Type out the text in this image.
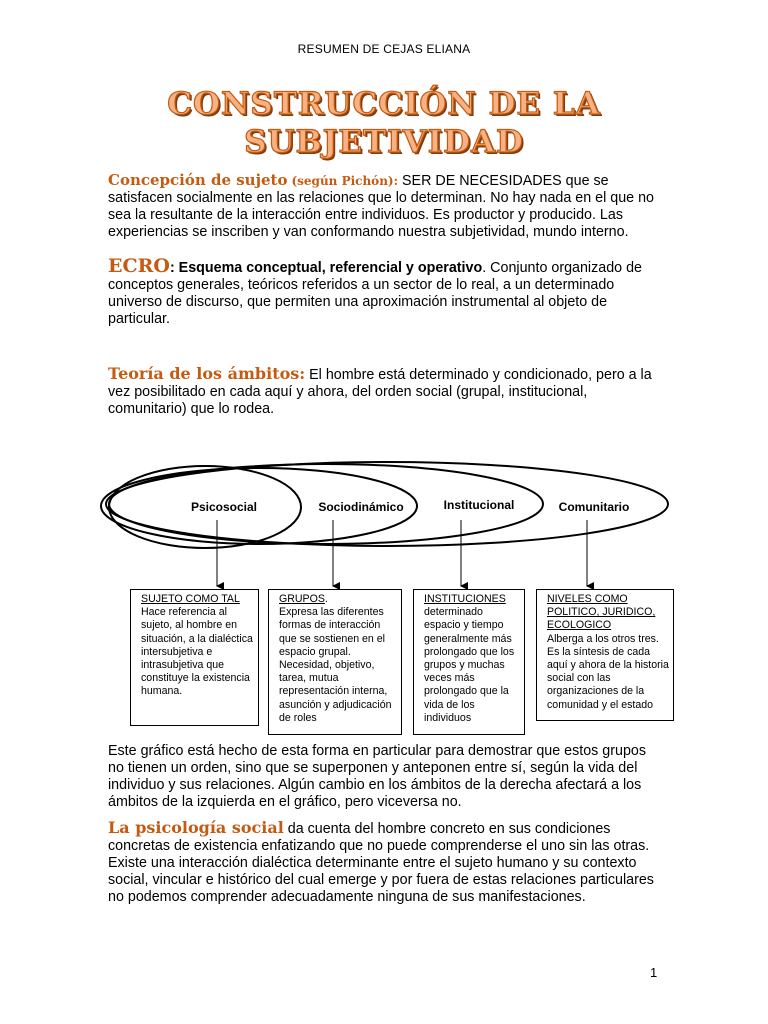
RESUMEN DE CEJAS ELIANA
CONSTRUCCIÓN DE LA
SUBJETIVIDAD
Concepción de sujeto (según Pichón): SER DE NECESIDADES que se satisfacen socialmente en las relaciones que lo determinan. No hay nada en el que no sea la resultante de la interacción entre individuos. Es productor y producido. Las experiencias se inscriben y van conformando nuestra subjetividad, mundo interno.
ECRO: Esquema conceptual, referencial y operativo. Conjunto organizado de conceptos generales, teóricos referidos a un sector de lo real, a un determinado universo de discurso, que permiten una aproximación instrumental al objeto de particular.
Teoría de los ámbitos: El hombre está determinado y condicionado, pero a la vez posibilitado en cada aquí y ahora, del orden social (grupal, institucional, comunitario) que lo rodea.
Psicosocial	Sociodinámico	Institucional	Comunitario
SUJETO COMO TAL
Hace referencia al sujeto, al hombre en situación, a la dialéctica intersubjetiva e intrasubjetiva que constituye la existencia humana.
GRUPOS.
Expresa las diferentes formas de interacción que se sostienen en el espacio grupal. Necesidad, objetivo, tarea, mutua representación interna, asunción y adjudicación de roles
INSTITUCIONES
determinado espacio y tiempo generalmente más prolongado que los grupos y muchas veces más prolongado que la vida de los individuos
NIVELES COMO POLITICO, JURIDICO, ECOLOGICO
Alberga a los otros tres. Es la síntesis de cada aquí y ahora de la historia social con las organizaciones de la comunidad y el estado
Este gráfico está hecho de esta forma en particular para demostrar que estos grupos no tienen un orden, sino que se superponen y anteponen entre sí, según la vida del individuo y sus relaciones. Algún cambio en los ámbitos de la derecha afectará a los ámbitos de la izquierda en el gráfico, pero viceversa no.
La psicología social da cuenta del hombre concreto en sus condiciones concretas de existencia enfatizando que no puede comprenderse el uno sin las otras. Existe una interacción dialéctica determinante entre el sujeto humano y su contexto social, vincular e histórico del cual emerge y por fuera de estas relaciones particulares no podemos comprender adecuadamente ninguna de sus manifestaciones.
1
